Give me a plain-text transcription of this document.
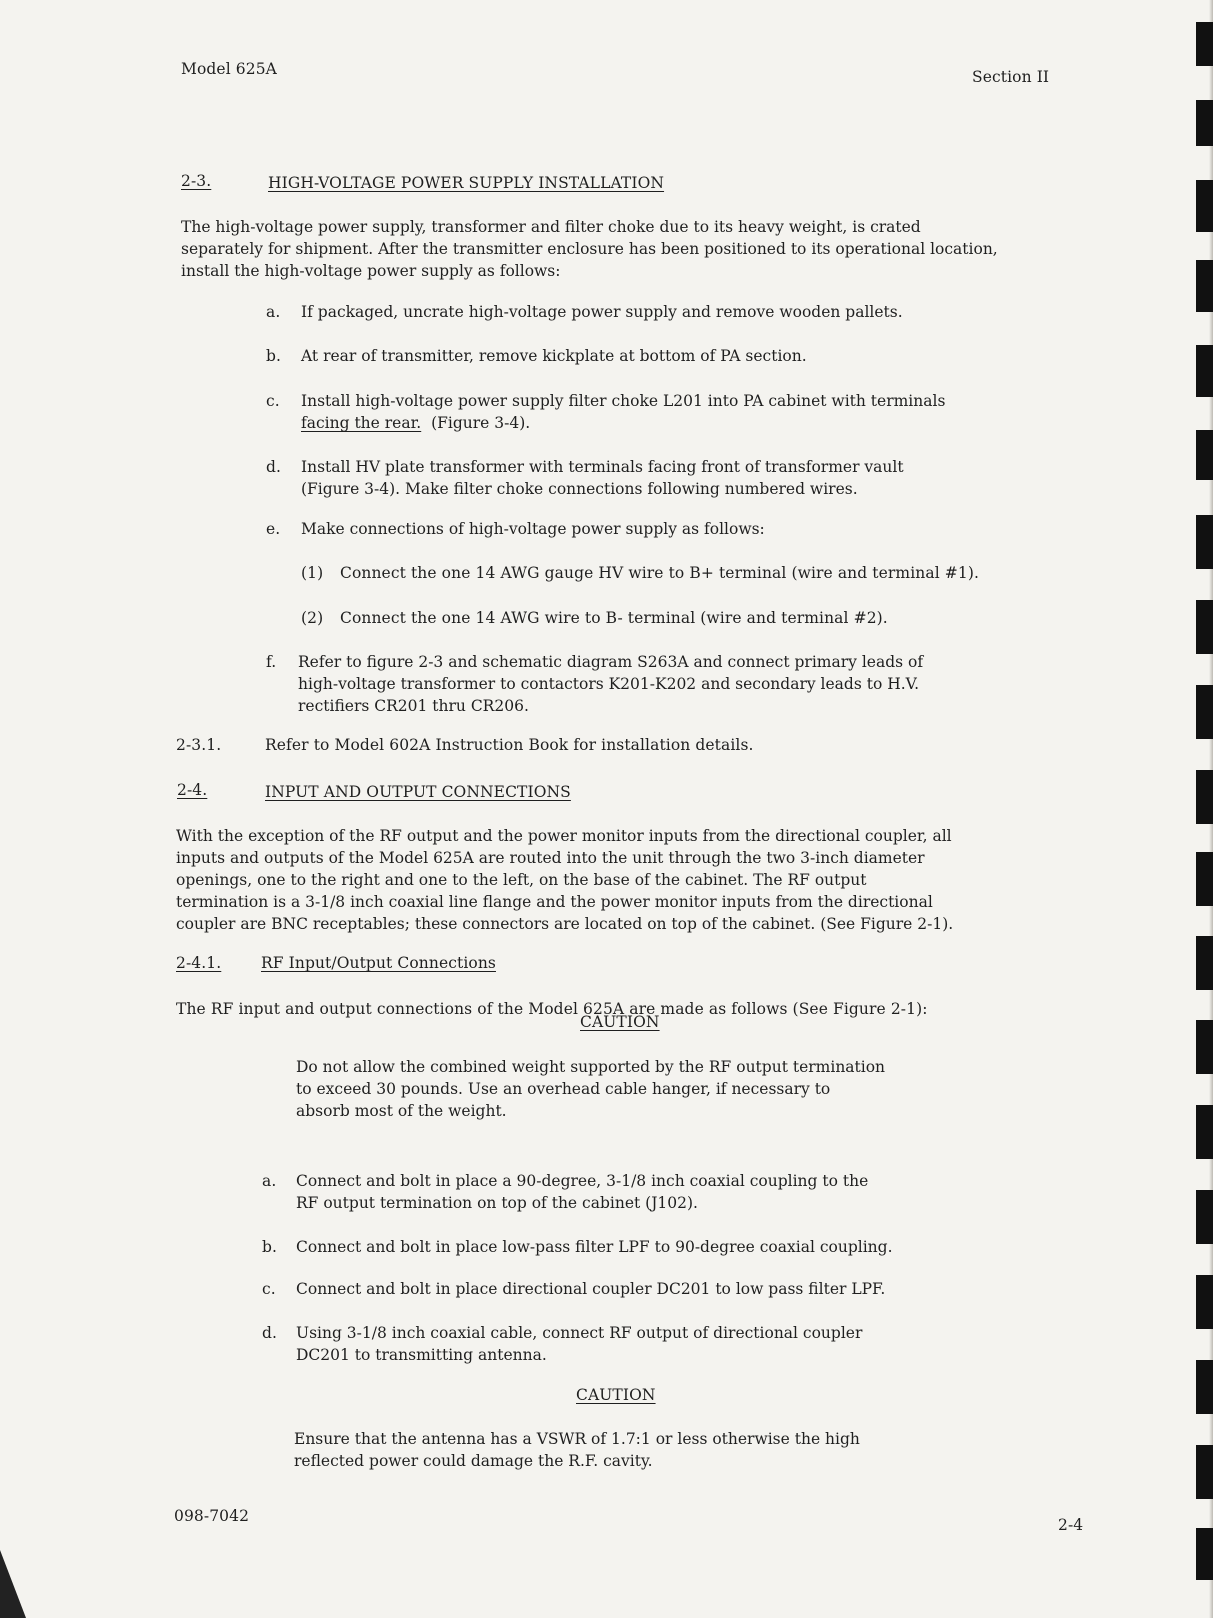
Model 625A	Section II
2-3.	HIGH-VOLTAGE POWER SUPPLY INSTALLATION
The high-voltage power supply, transformer and filter choke due to its heavy weight, is crated
separately for shipment. After the transmitter enclosure has been positioned to its operational location,
install the high-voltage power supply as follows:
a. If packaged, uncrate high-voltage power supply and remove wooden pallets.
b. At rear of transmitter, remove kickplate at bottom of PA section.
c. Install high-voltage power supply filter choke L201 into PA cabinet with terminals
facing the rear.  (Figure 3-4).
d. Install HV plate transformer with terminals facing front of transformer vault
(Figure 3-4). Make filter choke connections following numbered wires.
e. Make connections of high-voltage power supply as follows:
(1) Connect the one 14 AWG gauge HV wire to B+ terminal (wire and terminal #1).
(2) Connect the one 14 AWG wire to B- terminal (wire and terminal #2).
f. Refer to figure 2-3 and schematic diagram S263A and connect primary leads of
high-voltage transformer to contactors K201-K202 and secondary leads to H.V.
rectifiers CR201 thru CR206.
2-3.1.	Refer to Model 602A Instruction Book for installation details.
2-4.	INPUT AND OUTPUT CONNECTIONS
With the exception of the RF output and the power monitor inputs from the directional coupler, all
inputs and outputs of the Model 625A are routed into the unit through the two 3-inch diameter
openings, one to the right and one to the left, on the base of the cabinet. The RF output
termination is a 3-1/8 inch coaxial line flange and the power monitor inputs from the directional
coupler are BNC receptables; these connectors are located on top of the cabinet. (See Figure 2-1).
2-4.1.	RF Input/Output Connections
The RF input and output connections of the Model 625A are made as follows (See Figure 2-1):
CAUTION
Do not allow the combined weight supported by the RF output termination
to exceed 30 pounds. Use an overhead cable hanger, if necessary to
absorb most of the weight.
a. Connect and bolt in place a 90-degree, 3-1/8 inch coaxial coupling to the
RF output termination on top of the cabinet (J102).
b. Connect and bolt in place low-pass filter LPF to 90-degree coaxial coupling.
c. Connect and bolt in place directional coupler DC201 to low pass filter LPF.
d. Using 3-1/8 inch coaxial cable, connect RF output of directional coupler
DC201 to transmitting antenna.
CAUTION
Ensure that the antenna has a VSWR of 1.7:1 or less otherwise the high
reflected power could damage the R.F. cavity.
098-7042	2-4
